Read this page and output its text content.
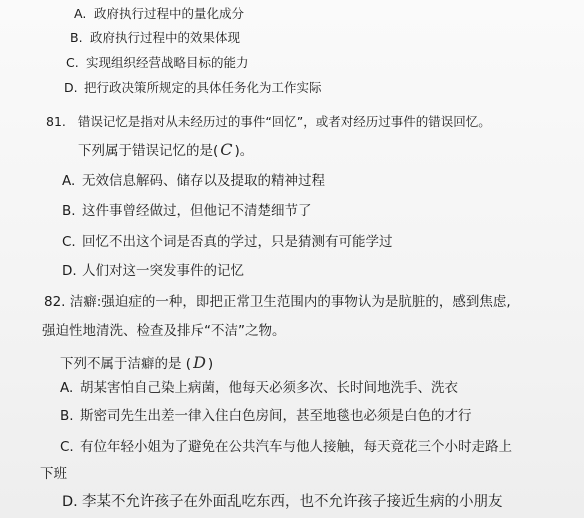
A. 政府执行过程中的量化成分
B. 政府执行过程中的效果体现
C. 实现组织经营战略目标的能力
D. 把行政决策所规定的具体任务化为工作实际
81. 错误记忆是指对从未经历过的事件“回忆”，或者对经历过事件的错误回忆。
下列属于错误记忆的是( C )。
A. 无效信息解码、储存以及提取的精神过程
B. 这件事曾经做过，但他记不清楚细节了
C. 回忆不出这个词是否真的学过，只是猜测有可能学过
D. 人们对这一突发事件的记忆
82. 洁癖:强迫症的一种，即把正常卫生范围内的事物认为是肮脏的，感到焦虑,
强迫性地清洗、检查及排斥“不洁”之物。
下列不属于洁癖的是 ( D )
A. 胡某害怕自己染上病菌，他每天必须多次、长时间地洗手、洗衣
B. 斯密司先生出差一律入住白色房间，甚至地毯也必须是白色的才行
C. 有位年轻小姐为了避免在公共汽车与他人接触，每天竟花三个小时走路上
下班
D. 李某不允许孩子在外面乱吃东西，也不允许孩子接近生病的小朋友
